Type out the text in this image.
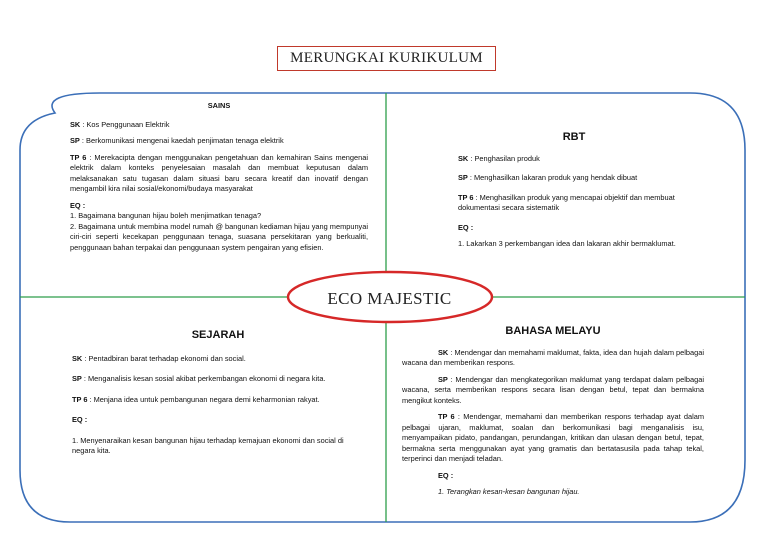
MERUNGKAI KURIKULUM
ECO MAJESTIC

SAINS

SK : Kos Penggunaan Elektrik

SP : Berkomunikasi mengenai kaedah penjimatan tenaga elektrik

TP 6 : Merekacipta dengan menggunakan pengetahuan dan kemahiran Sains mengenai elektrik dalam konteks penyelesaian masalah dan membuat keputusan dalam melaksanakan satu tugasan dalam situasi baru secara kreatif dan inovatif dengan mengambil kira nilai sosial/ekonomi/budaya masyarakat

EQ :

1. Bagaimana bangunan hijau boleh menjimatkan tenaga?

2. Bagaimana untuk membina model rumah @ bangunan kediaman hijau yang mempunyai ciri-ciri seperti kecekapan penggunaan tenaga, suasana persekitaran yang berkualiti, penggunaan bahan terpakai dan penggunaan system pengairan yang efisien.

RBT

SK : Penghasilan produk

SP : Menghasilkan lakaran produk yang hendak dibuat

TP 6 : Menghasilkan produk yang mencapai objektif dan membuat dokumentasi secara sistematik

EQ :

1. Lakarkan 3 perkembangan idea dan lakaran akhir bermaklumat.

SEJARAH

SK : Pentadbiran barat terhadap ekonomi dan social.

SP : Menganalisis kesan sosial akibat perkembangan ekonomi di negara kita.

TP 6 : Menjana idea untuk pembangunan negara demi keharmonian rakyat.

EQ :

1. Menyenaraikan kesan bangunan hijau terhadap kemajuan ekonomi dan social di negara kita.

BAHASA MELAYU

SK : Mendengar dan memahami maklumat, fakta, idea dan hujah dalam pelbagai wacana dan memberikan respons.

SP : Mendengar dan mengkategorikan maklumat yang terdapat dalam pelbagai wacana, serta memberikan respons secara lisan dengan betul, tepat dan bermakna mengikut konteks.

TP 6 : Mendengar, memahami dan memberikan respons terhadap ayat dalam pelbagai ujaran, maklumat, soalan dan berkomunikasi bagi menganalisis isu, menyampaikan pidato, pandangan, perundangan, kritikan dan ulasan dengan betul, tepat, bermakna serta menggunakan ayat yang gramatis dan bertatasusila pada tahap tekal, terperinci dan menjadi teladan.

EQ :

1. Terangkan kesan-kesan bangunan hijau.
